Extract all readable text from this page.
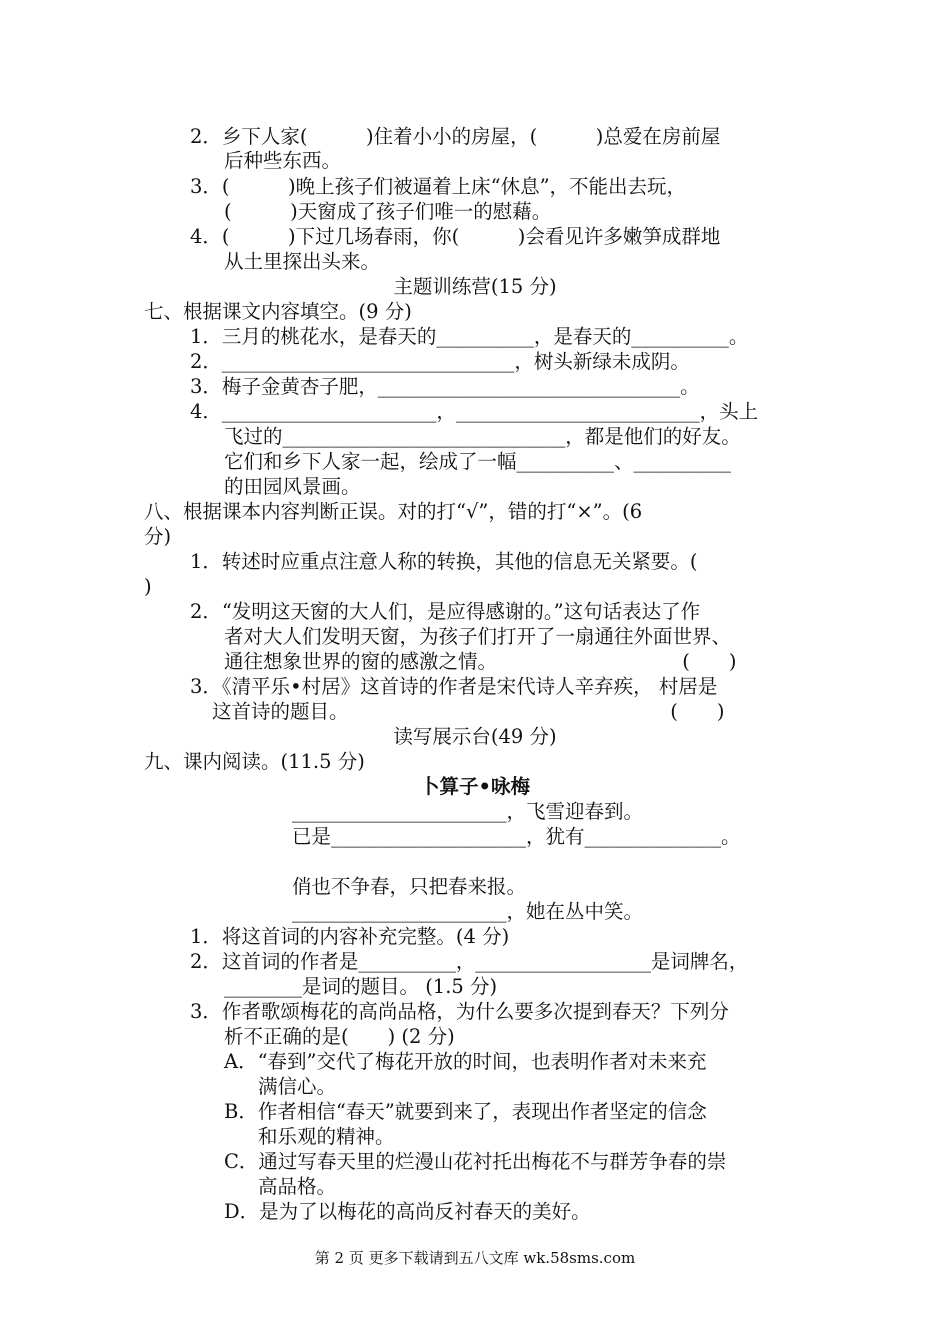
2．乡下人家(　　　)住着小小的房屋，(　　　)总爱在房前屋
后种些东西。
3．(　　　)晚上孩子们被逼着上床“休息”，不能出去玩，
(　　　)天窗成了孩子们唯一的慰藉。
4．(　　　)下过几场春雨，你(　　　)会看见许多嫩笋成群地
从土里探出头来。
主题训练营(15 分)
七、根据课文内容填空。(9 分)
1．三月的桃花水，是春天的__________，是春天的__________。
2．______________________________，树头新绿未成阴。
3．梅子金黄杏子肥，_______________________________。
4．______________________，_________________________，头上
飞过的_____________________________，都是他们的好友。
它们和乡下人家一起，绘成了一幅__________、__________
的田园风景画。
八、根据课本内容判断正误。对的打“√”，错的打“×”。(6
分)
1．转述时应重点注意人称的转换，其他的信息无关紧要。(
)
2．“发明这天窗的大人们，是应得感谢的。”这句话表达了作
者对大人们发明天窗，为孩子们打开了一扇通往外面世界、
通往想象世界的窗的感激之情。　　　　　　　　　　(　　)
3．《清平乐•村居》这首诗的作者是宋代诗人辛弃疾， 村居是
这首诗的题目。　　　　　　　　　　　　　　　　　(　　)
读写展示台(49 分)
九、课内阅读。(11.5 分)
卜算子•咏梅
______________________，飞雪迎春到。
已是____________________，犹有______________。
俏也不争春，只把春来报。
______________________，她在丛中笑。
1．将这首词的内容补充完整。(4 分)
2．这首词的作者是__________，__________________是词牌名，
________是词的题目。 (1.5 分)
3．作者歌颂梅花的高尚品格，为什么要多次提到春天？下列分
析不正确的是(　　) (2 分)
A．“春到”交代了梅花开放的时间，也表明作者对未来充
满信心。
B．作者相信“春天”就要到来了，表现出作者坚定的信念
和乐观的精神。
C．通过写春天里的烂漫山花衬托出梅花不与群芳争春的崇
高品格。
D．是为了以梅花的高尚反衬春天的美好。
第 2 页 更多下载请到五八文库 wk.58sms.com
